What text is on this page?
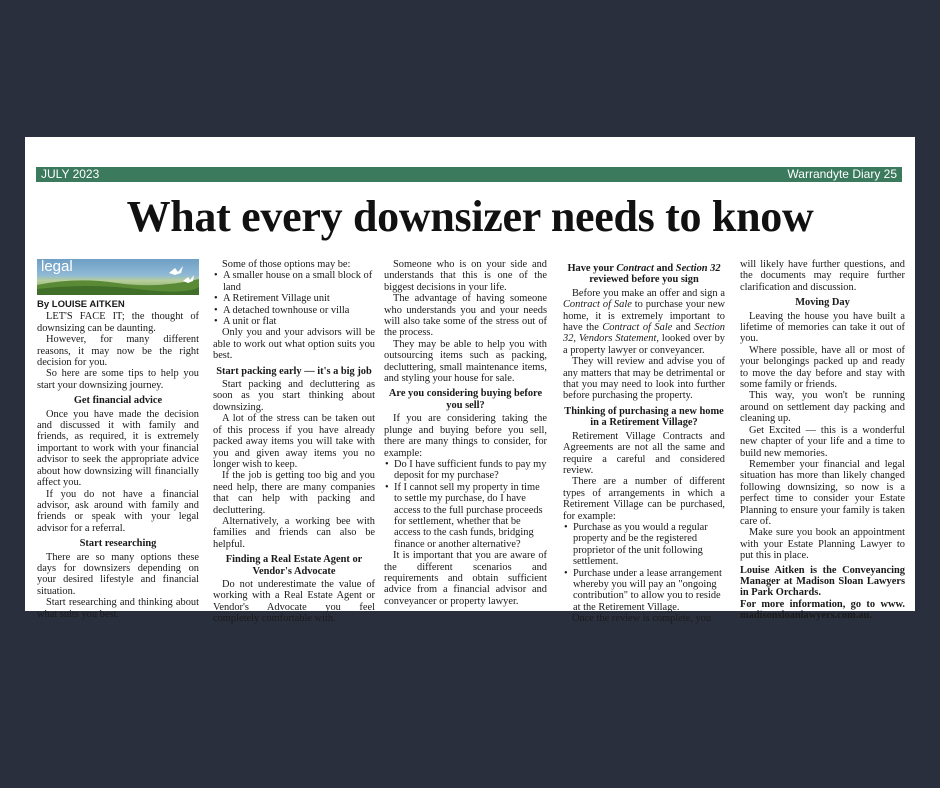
JULY 2023	Warrandyte Diary 25
What every downsizer needs to know
legal
By LOUISE AITKEN

LET'S FACE IT; the thought of downsizing can be daunting.

However, for many different reasons, it may now be the right decision for you.

So here are some tips to help you start your downsizing journey.

Get financial advice

Once you have made the decision and discussed it with family and friends, as required, it is extremely important to work with your financial advisor to seek the appropriate advice about how downsizing will financially affect you.

If you do not have a financial advisor, ask around with family and friends or speak with your legal advisor for a referral.

Start researching

There are so many options these days for downsizers depending on your desired lifestyle and financial situation.

Start researching and thinking about what suits you best.

Some of those options may be:

• A smaller house on a small block of land
• A Retirement Village unit
• A detached townhouse or villa
• A unit or flat

Only you and your advisors will be able to work out what option suits you best.

Start packing early — it's a big job

Start packing and decluttering as soon as you start thinking about downsizing.

A lot of the stress can be taken out of this process if you have already packed away items you will take with you and given away items you no longer wish to keep.

If the job is getting too big and you need help, there are many companies that can help with packing and decluttering.

Alternatively, a working bee with families and friends can also be helpful.

Finding a Real Estate Agent or Vendor's Advocate

Do not underestimate the value of working with a Real Estate Agent or Vendor's Advocate you feel completely comfortable with.

Someone who is on your side and understands that this is one of the biggest decisions in your life.

The advantage of having someone who understands you and your needs will also take some of the stress out of the process.

They may be able to help you with outsourcing items such as packing, decluttering, small maintenance items, and styling your house for sale.

Are you considering buying before you sell?

If you are considering taking the plunge and buying before you sell, there are many things to consider, for example:

• Do I have sufficient funds to pay my deposit for my purchase?
• If I cannot sell my property in time to settle my purchase, do I have access to the full purchase proceeds for settlement, whether that be access to the cash funds, bridging finance or another alternative?

It is important that you are aware of the different scenarios and requirements and obtain sufficient advice from a financial advisor and conveyancer or property lawyer.

Have your Contract and Section 32 reviewed before you sign

Before you make an offer and sign a Contract of Sale to purchase your new home, it is extremely important to have the Contract of Sale and Section 32, Vendors Statement, looked over by a property lawyer or conveyancer.

They will review and advise you of any matters that may be detrimental or that you may need to look into further before purchasing the property.

Thinking of purchasing a new home in a Retirement Village?

Retirement Village Contracts and Agreements are not all the same and require a careful and considered review.

There are a number of different types of arrangements in which a Retirement Village can be purchased, for example:

• Purchase as you would a regular property and be the registered proprietor of the unit following settlement.
• Purchase under a lease arrangement whereby you will pay an "ongoing contribution" to allow you to reside at the Retirement Village.

Once the review is complete, you

will likely have further questions, and the documents may require further clarification and discussion.

Moving Day

Leaving the house you have built a lifetime of memories can take it out of you.

Where possible, have all or most of your belongings packed up and ready to move the day before and stay with some family or friends.

This way, you won't be running around on settlement day packing and cleaning up.

Get Excited — this is a wonderful new chapter of your life and a time to build new memories.

Remember your financial and legal situation has more than likely changed following downsizing, so now is a perfect time to consider your Estate Planning to ensure your family is taken care of.

Make sure you book an appointment with your Estate Planning Lawyer to put this in place.

Louise Aitken is the Conveyancing Manager at Madison Sloan Lawyers in Park Orchards.

For more information, go to www. madisonsloanlawyers.com.au.
